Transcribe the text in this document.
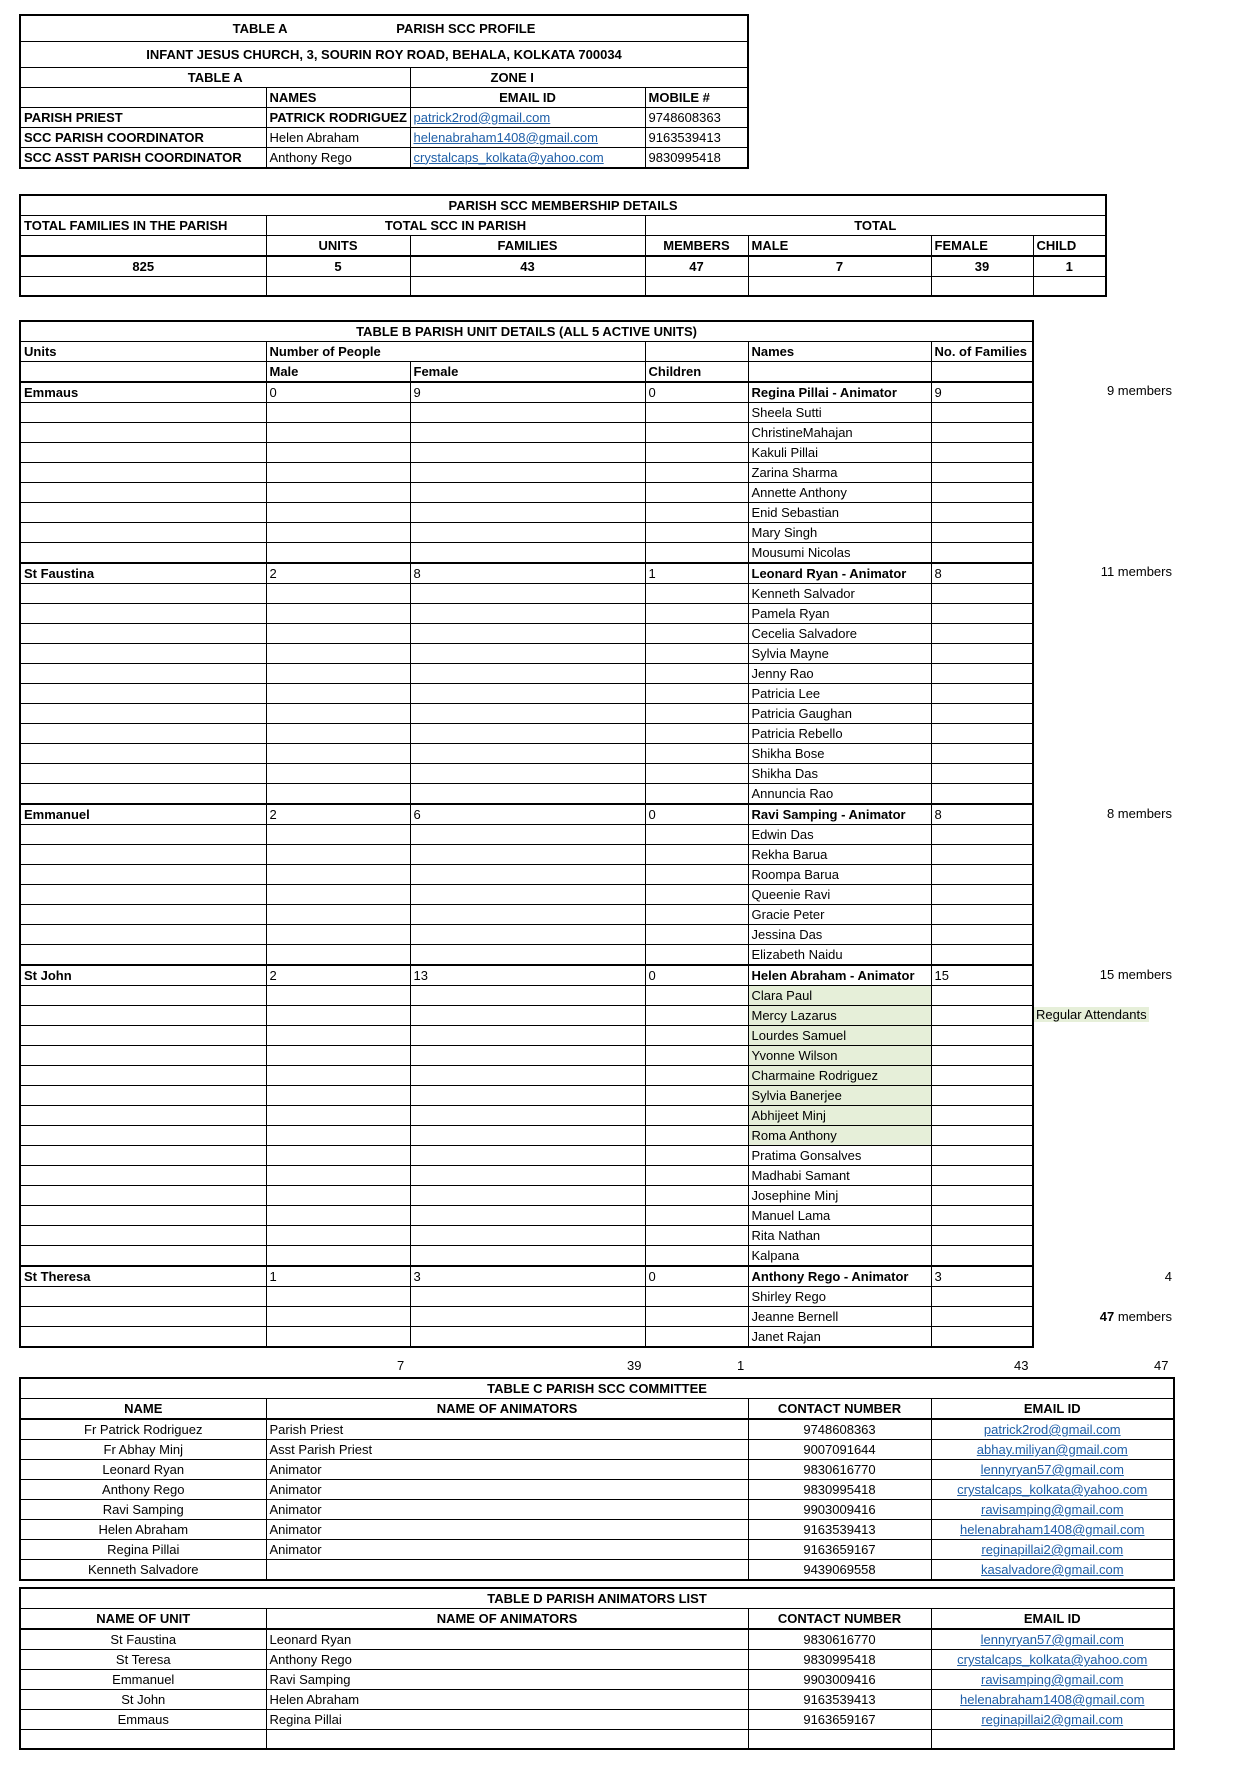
TABLE A PARISH SCC PROFILE			
INFANT JESUS CHURCH, 3, SOURIN ROY ROAD, BEHALA, KOLKATA 700034			
TABLE A		ZONE I	
	NAMES	EMAIL ID	MOBILE #
PARISH PRIEST	PATRICK RODRIGUEZ	patrick2rod@gmail.com	9748608363
SCC PARISH COORDINATOR	Helen Abraham	helenabraham1408@gmail.com	9163539413
SCC ASST PARISH COORDINATOR	Anthony Rego	crystalcaps_kolkata@yahoo.com	9830995418
PARISH SCC MEMBERSHIP DETAILS						
TOTAL FAMILIES IN THE PARISH	TOTAL SCC IN PARISH		TOTAL			
	UNITS	FAMILIES	MEMBERS	MALE	FEMALE	CHILD
825	5	43	47	7	39	1

TABLE B PARISH UNIT DETAILS (ALL 5 ACTIVE UNITS)					
Units	Number of People			Names	No. of Families
	Male	Female	Children		
Emmaus	0	9	0	Regina Pillai - Animator	9
				Sheela Sutti	
				ChristineMahajan	
				Kakuli Pillai	
				Zarina Sharma	
				Annette Anthony	
				Enid Sebastian	
				Mary Singh	
				Mousumi Nicolas	
St Faustina	2	8	1	Leonard Ryan - Animator	8
				Kenneth Salvador	
				Pamela Ryan	
				Cecelia Salvadore	
				Sylvia Mayne	
				Jenny Rao	
				Patricia Lee	
				Patricia Gaughan	
				Patricia Rebello	
				Shikha Bose	
				Shikha Das	
				Annuncia Rao	
Emmanuel	2	6	0	Ravi Samping - Animator	8
				Edwin Das	
				Rekha Barua	
				Roompa Barua	
				Queenie Ravi	
				Gracie Peter	
				Jessina Das	
				Elizabeth Naidu	
St John	2	13	0	Helen Abraham - Animator	15
				Clara Paul	
				Mercy Lazarus	
				Lourdes Samuel	
				Yvonne Wilson	
				Charmaine Rodriguez	
				Sylvia Banerjee	
				Abhijeet Minj	
				Roma Anthony	
				Pratima Gonsalves	
				Madhabi Samant	
				Josephine Minj	
				Manuel Lama	
				Rita Nathan	
				Kalpana	
St Theresa	1	3	0	Anthony Rego - Animator	3
				Shirley Rego	
				Jeanne Bernell	
				Janet Rajan	
9 members
11 members
8 members
15 members
Regular Attendants
4
47 members
7	39	1	43	47
TABLE C PARISH SCC COMMITTEE			
NAME	NAME OF ANIMATORS	CONTACT NUMBER	EMAIL ID
Fr Patrick Rodriguez	Parish Priest	9748608363	patrick2rod@gmail.com
Fr Abhay Minj	Asst Parish Priest	9007091644	abhay.miliyan@gmail.com
Leonard Ryan	Animator	9830616770	lennyryan57@gmail.com
Anthony Rego	Animator	9830995418	crystalcaps_kolkata@yahoo.com
Ravi Samping	Animator	9903009416	ravisamping@gmail.com
Helen Abraham	Animator	9163539413	helenabraham1408@gmail.com
Regina Pillai	Animator	9163659167	reginapillai2@gmail.com
Kenneth Salvadore		9439069558	kasalvadore@gmail.com
TABLE D PARISH ANIMATORS LIST			
NAME OF UNIT	NAME OF ANIMATORS	CONTACT NUMBER	EMAIL ID
St Faustina	Leonard Ryan	9830616770	lennyryan57@gmail.com
St Teresa	Anthony Rego	9830995418	crystalcaps_kolkata@yahoo.com
Emmanuel	Ravi Samping	9903009416	ravisamping@gmail.com
St John	Helen Abraham	9163539413	helenabraham1408@gmail.com
Emmaus	Regina Pillai	9163659167	reginapillai2@gmail.com
